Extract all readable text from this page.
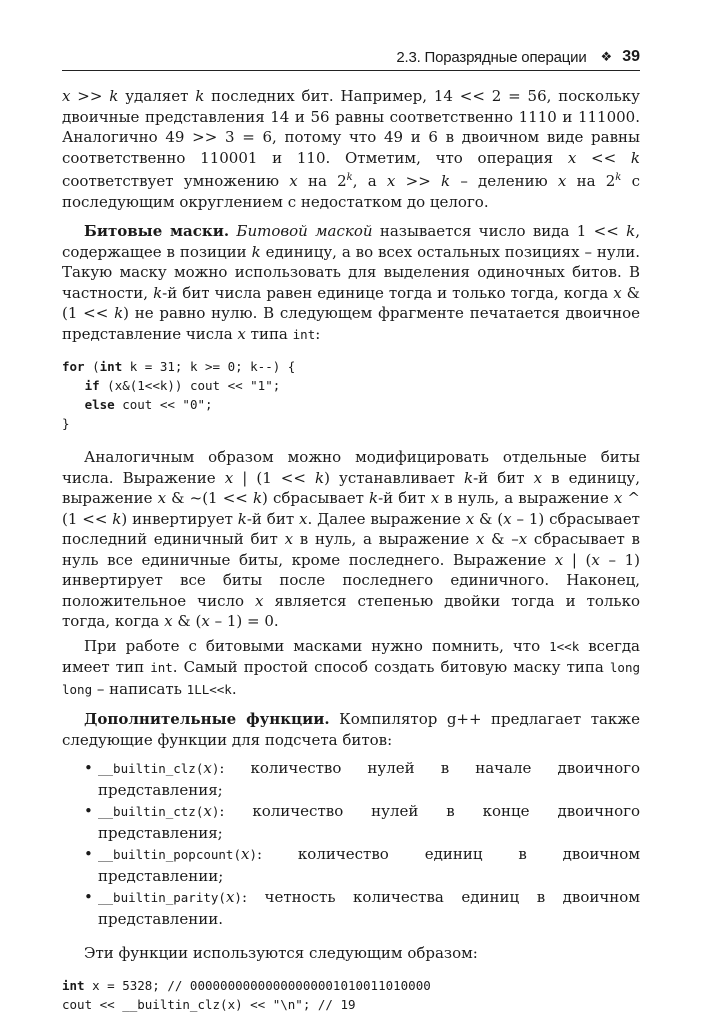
2.3. Поразрядные операции ❖ 39

x >> k удаляет k последних бит. Например, 14 << 2 = 56, поскольку двоичные представления 14 и 56 равны соответственно 1110 и 111000. Аналогично 49 >> 3 = 6, потому что 49 и 6 в двоичном виде равны соответственно 110001 и 110. Отметим, что операция x << k соответствует умножению x на 2$^k$, а x >> k – делению x на 2$^k$ с последующим округлением с недостатком до целого.

Битовые маски. Битовой маской называется число вида 1 << k, содержащее в позиции k единицу, а во всех остальных позициях – нули. Такую маску можно использовать для выделения одиночных битов. В частности, k-й бит числа равен единице тогда и только тогда, когда x & (1 << k) не равно нулю. В следующем фрагменте печатается двоичное представление числа x типа int:

for (int k = 31; k >= 0; k--) {
if (x&(1<<k)) cout << "1";
else cout << "0";
}

Аналогичным образом можно модифицировать отдельные биты числа. Выражение x | (1 << k) устанавливает k-й бит x в единицу, выражение x & ~(1 << k) сбрасывает k-й бит x в нуль, а выражение x ^ (1 << k) инвертирует k-й бит x. Далее выражение x & (x – 1) сбрасывает последний единичный бит x в нуль, а выражение x & –x сбрасывает в нуль все единичные биты, кроме последнего. Выражение x | (x – 1) инвертирует все биты после последнего единичного. Наконец, положительное число x является степенью двойки тогда и только тогда, когда x & (x – 1) = 0.

При работе с битовыми масками нужно помнить, что 1<<k всегда имеет тип int. Самый простой способ создать битовую маску типа long long – написать 1LL<<k.

Дополнительные функции. Компилятор g++ предлагает также следующие функции для подсчета битов:

• __builtin_clz(x): количество нулей в начале двоичного представления;
• __builtin_ctz(x): количество нулей в конце двоичного представления;
• __builtin_popcount(x): количество единиц в двоичном представлении;
• __builtin_parity(x): четность количества единиц в двоичном представлении.

Эти функции используются следующим образом:

int x = 5328; // 00000000000000000001010011010000
cout << __builtin_clz(x) << "\n"; // 19
